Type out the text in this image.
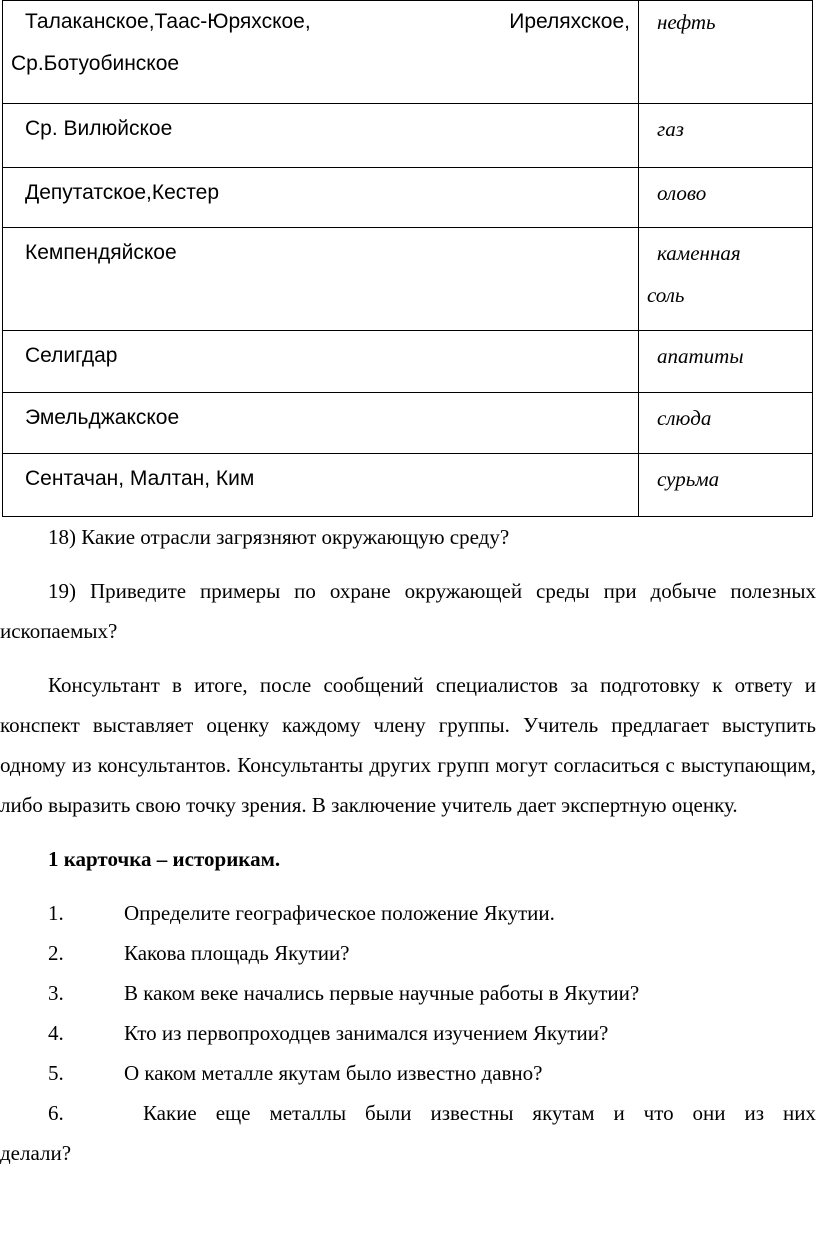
Талаканское,Таас-Юряхское, Иреляхское,
Ср.Ботуобинское	нефть

Ср. Вилюйское	газ

Депутатское,Кестер	олово

Кемпендяйское	каменная
соль

Селигдар	апатиты

Эмельджакское	слюда

Сентачан, Малтан, Ким	сурьма

18) Какие отрасли загрязняют окружающую среду?

19) Приведите примеры по охране окружающей среды при добыче полезных ископаемых?

Консультант в итоге, после сообщений специалистов за подготовку к ответу и конспект выставляет оценку каждому члену группы. Учитель предлагает выступить одному из консультантов. Консультанты других групп могут согласиться с выступающим, либо выразить свою точку зрения. В заключение учитель дает экспертную оценку.

1 карточка – историкам.

1.	Определите географическое положение Якутии.
2.	Какова площадь Якутии?
3.	В каком веке начались первые научные работы в Якутии?
4.	Кто из первопроходцев занимался изучением Якутии?
5.	О каком металле якутам было известно давно?
6.	Какие еще металлы были известны якутам и что они из них
делали?
